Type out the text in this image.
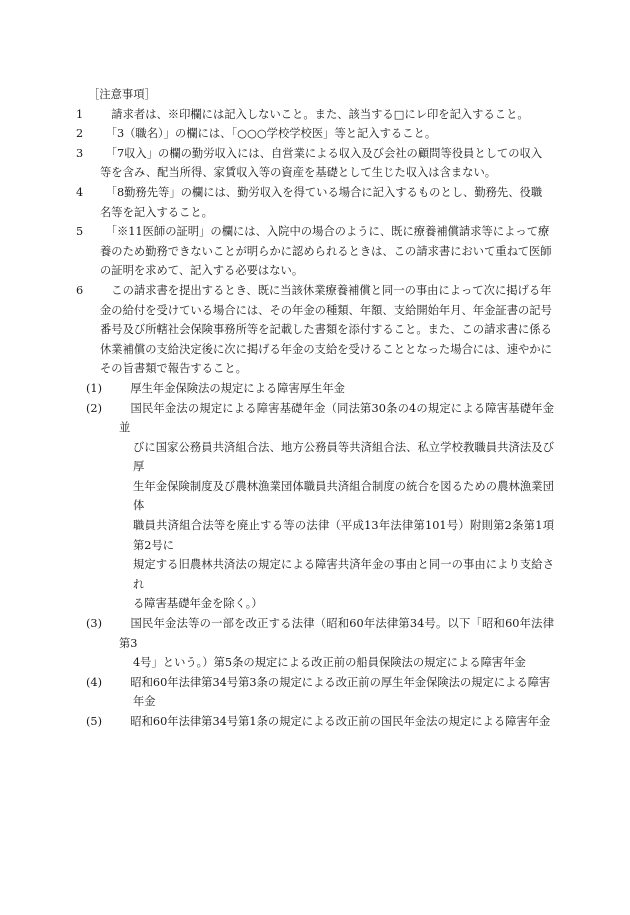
［注意事項］
1	　請求者は、※印欄には記入しないこと。また、該当する□にレ印を記入すること。
2	　「3（職名）」の欄には、「○○○学校学校医」等と記入すること。
3	　「7収入」の欄の勤労収入には、自営業による収入及び会社の顧問等役員としての収入
等を含み、配当所得、家賃収入等の資産を基礎として生じた収入は含まない。
4	　「8勤務先等」の欄には、勤労収入を得ている場合に記入するものとし、勤務先、役職
名等を記入すること。
5	　「※11医師の証明」の欄には、入院中の場合のように、既に療養補償請求等によって療
養のため勤務できないことが明らかに認められるときは、この請求書において重ねて医師
の証明を求めて、記入する必要はない。
6	　この請求書を提出するとき、既に当該休業療養補償と同一の事由によって次に掲げる年
金の給付を受けている場合には、その年金の種類、年額、支給開始年月、年金証書の記号
番号及び所轄社会保険事務所等を記載した書類を添付すること。また、この請求書に係る
休業補償の支給決定後に次に掲げる年金の支給を受けることとなった場合には、速やかに
その旨書類で報告すること。
(1)	　厚生年金保険法の規定による障害厚生年金
(2)	　国民年金法の規定による障害基礎年金（同法第30条の4の規定による障害基礎年金並
びに国家公務員共済組合法、地方公務員等共済組合法、私立学校教職員共済法及び厚
生年金保険制度及び農林漁業団体職員共済組合制度の統合を図るための農林漁業団体
職員共済組合法等を廃止する等の法律（平成13年法律第101号）附則第2条第1項第2号に
規定する旧農林共済法の規定による障害共済年金の事由と同一の事由により支給され
る障害基礎年金を除く。）
(3)	　国民年金法等の一部を改正する法律（昭和60年法律第34号。以下「昭和60年法律第3
4号」という。）第5条の規定による改正前の船員保険法の規定による障害年金
(4)	　昭和60年法律第34号第3条の規定による改正前の厚生年金保険法の規定による障害
年金
(5)	　昭和60年法律第34号第1条の規定による改正前の国民年金法の規定による障害年金
